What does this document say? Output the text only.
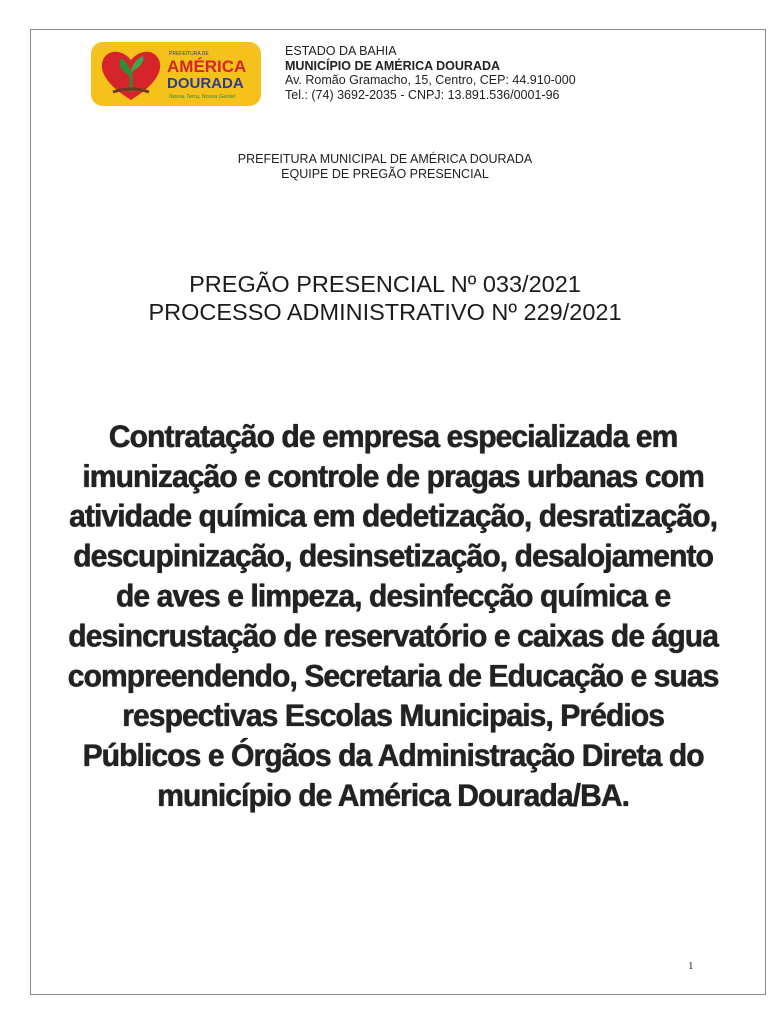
PREFEITURA DE
AMÉRICA
DOURADA
Nossa Terra, Nossa Gente!
ESTADO DA BAHIA
MUNICÍPIO DE AMÉRICA DOURADA
Av. Romão Gramacho, 15, Centro, CEP: 44.910-000
Tel.: (74) 3692-2035 - CNPJ: 13.891.536/0001-96
PREFEITURA MUNICIPAL DE AMÉRICA DOURADA
EQUIPE DE PREGÃO PRESENCIAL
PREGÃO PRESENCIAL Nº 033/2021
PROCESSO ADMINISTRATIVO Nº 229/2021
Contratação de empresa especializada em imunização e controle de pragas urbanas com atividade química em dedetização, desratização, descupinização, desinsetização, desalojamento de aves e limpeza, desinfecção química e desincrustação de reservatório e caixas de água compreendendo, Secretaria de Educação e suas respectivas Escolas Municipais, Prédios Públicos e Órgãos da Administração Direta do município de América Dourada/BA.
1
